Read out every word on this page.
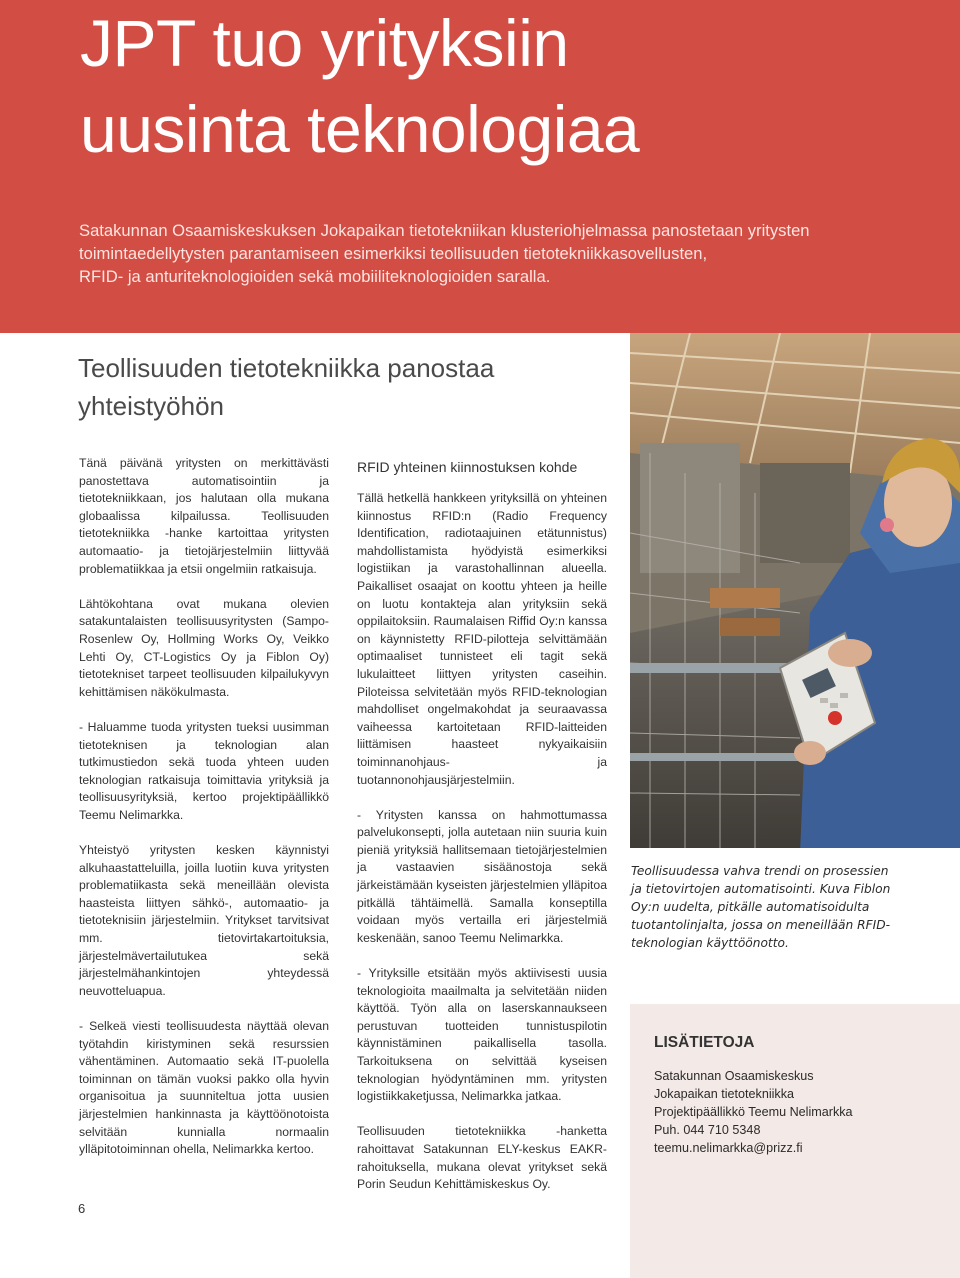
JPT tuo yrityksiin
uusinta teknologiaa

Satakunnan Osaamiskeskuksen Jokapaikan tietotekniikan klusteriohjelmassa panostetaan yritysten
toimintaedellytysten parantamiseen esimerkiksi teollisuuden tietotekniikkasovellusten,
RFID- ja anturiteknologioiden sekä mobiiliteknologioiden saralla.

Teollisuuden tietotekniikka panostaa
yhteistyöhön

Tänä päivänä yritysten on merkittävästi panostettava automatisointiin ja tietotekniikkaan, jos halutaan olla mukana globaalissa kilpailussa. Teollisuuden tietotekniikka -hanke kartoittaa yritysten automaatio- ja tietojärjestelmiin liittyvää problematiikkaa ja etsii ongelmiin ratkaisuja.

Lähtökohtana ovat mukana olevien satakuntalaisten teollisuusyritysten (Sampo-Rosenlew Oy, Hollming Works Oy, Veikko Lehti Oy, CT-Logistics Oy ja Fiblon Oy) tietotekniset tarpeet teollisuuden kilpailukyvyn kehittämisen näkökulmasta.

- Haluamme tuoda yritysten tueksi uusimman tietoteknisen ja teknologian alan tutkimustiedon sekä tuoda yhteen uuden teknologian ratkaisuja toimittavia yrityksiä ja teollisuusyrityksiä, kertoo projektipäällikkö Teemu Nelimarkka.

Yhteistyö yritysten kesken käynnistyi alkuhaastatteluilla, joilla luotiin kuva yritysten problematiikasta sekä meneillään olevista haasteista liittyen sähkö-, automaatio- ja tietoteknisiin järjestelmiin. Yritykset tarvitsivat mm. tietovirtakartoituksia, järjestelmävertailutukea sekä järjestelmähankintojen yhteydessä neuvotteluapua.

- Selkeä viesti teollisuudesta näyttää olevan työtahdin kiristyminen sekä resurssien vähentäminen. Automaatio sekä IT-puolella toiminnan on tämän vuoksi pakko olla hyvin organisoitua ja suunniteltua jotta uusien järjestelmien hankinnasta ja käyttöönotoista selvitään kunnialla normaalin ylläpitotoiminnan ohella, Nelimarkka kertoo.

RFID yhteinen kiinnostuksen kohde

Tällä hetkellä hankkeen yrityksillä on yhteinen kiinnostus RFID:n (Radio Frequency Identification, radiotaajuinen etätunnistus) mahdollistamista hyödyistä esimerkiksi logistiikan ja varastohallinnan alueella. Paikalliset osaajat on koottu yhteen ja heille on luotu kontakteja alan yrityksiin sekä oppilaitoksiin. Raumalaisen Riffid Oy:n kanssa on käynnistetty RFID-pilotteja selvittämään optimaaliset tunnisteet eli tagit sekä lukulaitteet liittyen yritysten caseihin. Piloteissa selvitetään myös RFID-teknologian mahdolliset ongelmakohdat ja seuraavassa vaiheessa kartoitetaan RFID-laitteiden liittämisen haasteet nykyaikaisiin toiminnanohjaus- ja tuotannonohjausjärjestelmiin.

- Yritysten kanssa on hahmottumassa palvelukonsepti, jolla autetaan niin suuria kuin pieniä yrityksiä hallitsemaan tietojärjestelmien ja vastaavien sisäänostoja sekä järkeistämään kyseisten järjestelmien ylläpitoa pitkällä tähtäimellä. Samalla konseptilla voidaan myös vertailla eri järjestelmiä keskenään, sanoo Teemu Nelimarkka.

- Yrityksille etsitään myös aktiivisesti uusia teknologioita maailmalta ja selvitetään niiden käyttöä. Työn alla on laserskannaukseen perustuvan tuotteiden tunnistuspilotin käynnistäminen paikallisella tasolla. Tarkoituksena on selvittää kyseisen teknologian hyödyntäminen mm. yritysten logistiikkaketjussa, Nelimarkka jatkaa.

Teollisuuden tietotekniikka -hanketta rahoittavat Satakunnan ELY-keskus EAKR-rahoituksella, mukana olevat yritykset sekä Porin Seudun Kehittämiskeskus Oy.

Teollisuudessa vahva trendi on prosessien
ja tietovirtojen automatisointi. Kuva Fiblon
Oy:n uudelta, pitkälle automatisoidulta
tuotantolinjalta, jossa on meneillään RFID-
teknologian käyttöönotto.

LISÄTIETOJA
Satakunnan Osaamiskeskus
Jokapaikan tietotekniikka
Projektipäällikkö Teemu Nelimarkka
Puh. 044 710 5348
teemu.nelimarkka@prizz.fi
6
